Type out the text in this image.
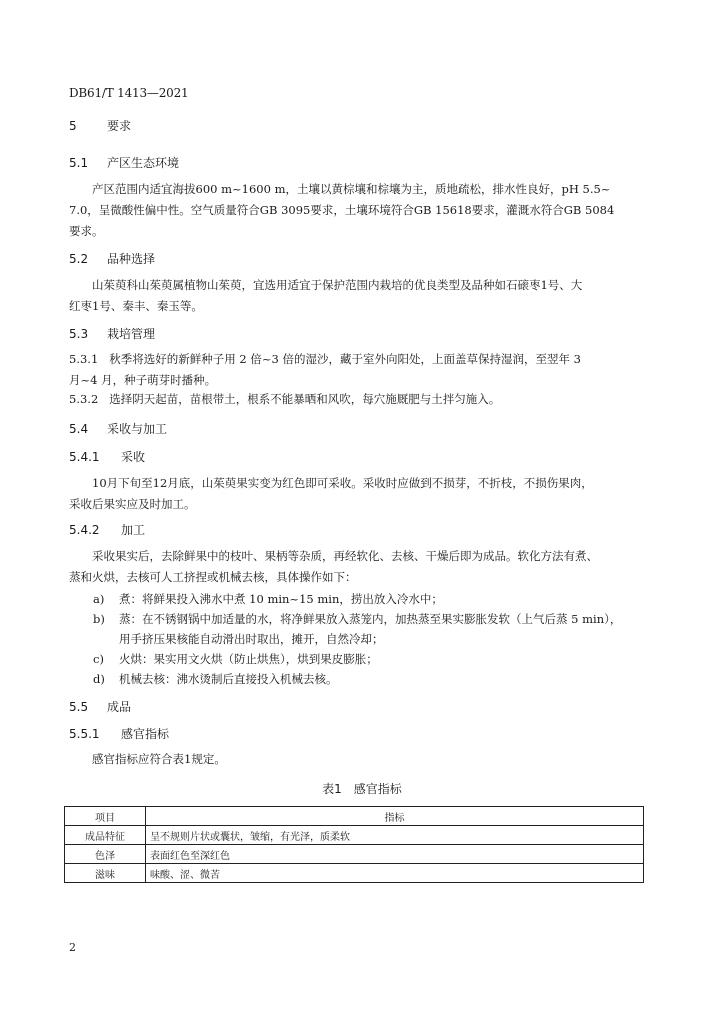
DB61/T 1413—2021
5	要求
5.1 产区生态环境
产区范围内适宜海拔600 m~1600 m，土壤以黄棕壤和棕壤为主，质地疏松，排水性良好，pH 5.5~
7.0，呈微酸性偏中性。空气质量符合GB 3095要求，土壤环境符合GB 15618要求，灌溉水符合GB 5084
要求。
5.2 品种选择
山茱萸科山茱萸属植物山茱萸，宜选用适宜于保护范围内栽培的优良类型及品种如石磙枣1号、大
红枣1号、秦丰、秦玉等。
5.3 栽培管理
5.3.1 秋季将选好的新鲜种子用 2 倍~3 倍的湿沙，藏于室外向阳处，上面盖草保持湿润，至翌年 3
月~4 月，种子萌芽时播种。
5.3.2 选择阴天起苗，苗根带土，根系不能暴晒和风吹，每穴施厩肥与土拌匀施入。
5.4 采收与加工
5.4.1 采收
10月下旬至12月底，山茱萸果实变为红色即可采收。采收时应做到不损芽，不折枝，不损伤果肉，
采收后果实应及时加工。
5.4.2 加工
采收果实后，去除鲜果中的枝叶、果柄等杂质，再经软化、去核、干燥后即为成品。软化方法有煮、
蒸和火烘，去核可人工挤捏或机械去核，具体操作如下：
a) 煮：将鲜果投入沸水中煮 10 min~15 min，捞出放入冷水中；
b) 蒸：在不锈钢锅中加适量的水，将净鲜果放入蒸笼内，加热蒸至果实膨胀发软（上气后蒸 5 min），
用手挤压果核能自动滑出时取出，摊开，自然冷却；
c) 火烘：果实用文火烘（防止烘焦），烘到果皮膨胀；
d) 机械去核：沸水烫制后直接投入机械去核。
5.5 成品
5.5.1 感官指标
感官指标应符合表1规定。
表1　感官指标
项目	指标
成品特征	呈不规则片状或囊状，皱缩，有光泽，质柔软
色泽	表面红色至深红色
滋味	味酸、涩、微苦
2
